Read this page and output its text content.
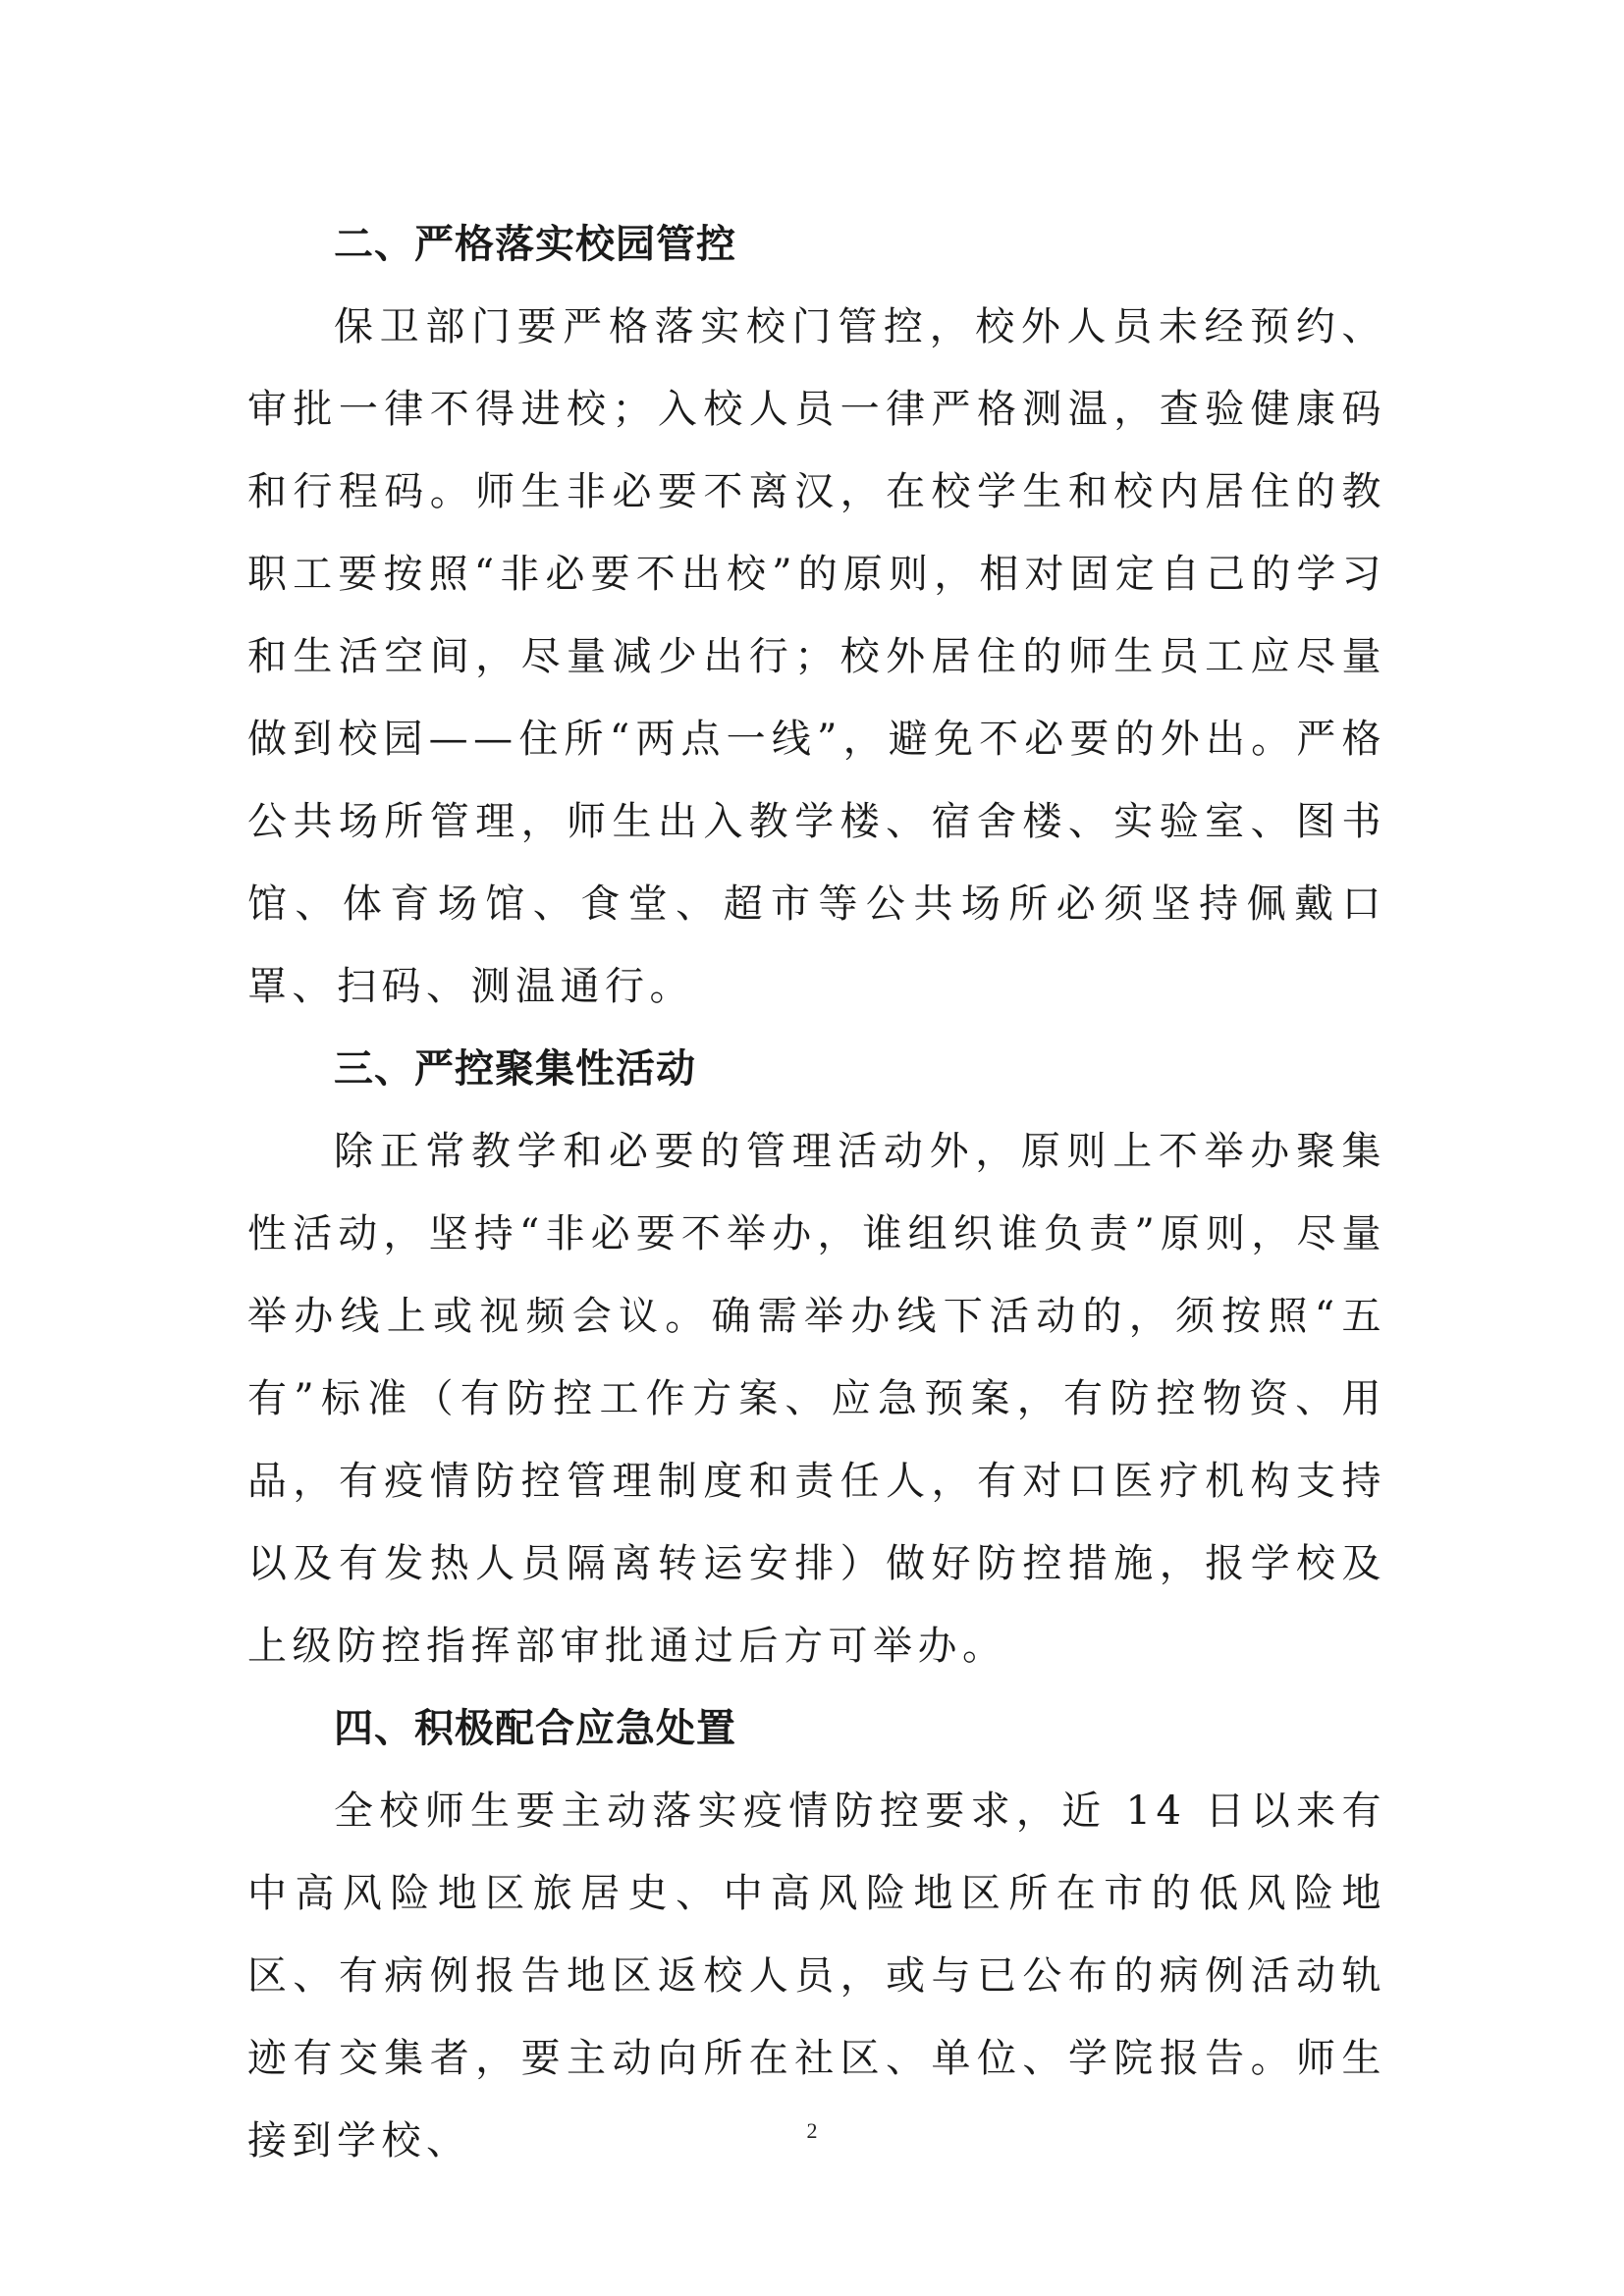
二、严格落实校园管控

保卫部门要严格落实校门管控，校外人员未经预约、审批一律不得进校；入校人员一律严格测温，查验健康码和行程码。师生非必要不离汉，在校学生和校内居住的教职工要按照“非必要不出校”的原则，相对固定自己的学习和生活空间，尽量减少出行；校外居住的师生员工应尽量做到校园——住所“两点一线”，避免不必要的外出。严格公共场所管理，师生出入教学楼、宿舍楼、实验室、图书馆、体育场馆、食堂、超市等公共场所必须坚持佩戴口罩、扫码、测温通行。

三、严控聚集性活动

除正常教学和必要的管理活动外，原则上不举办聚集性活动，坚持“非必要不举办，谁组织谁负责”原则，尽量举办线上或视频会议。确需举办线下活动的，须按照“五有”标准（有防控工作方案、应急预案，有防控物资、用品，有疫情防控管理制度和责任人，有对口医疗机构支持以及有发热人员隔离转运安排）做好防控措施，报学校及上级防控指挥部审批通过后方可举办。

四、积极配合应急处置

全校师生要主动落实疫情防控要求，近 14 日以来有中高风险地区旅居史、中高风险地区所在市的低风险地区、有病例报告地区返校人员，或与已公布的病例活动轨迹有交集者，要主动向所在社区、单位、学院报告。师生接到学校、	2
